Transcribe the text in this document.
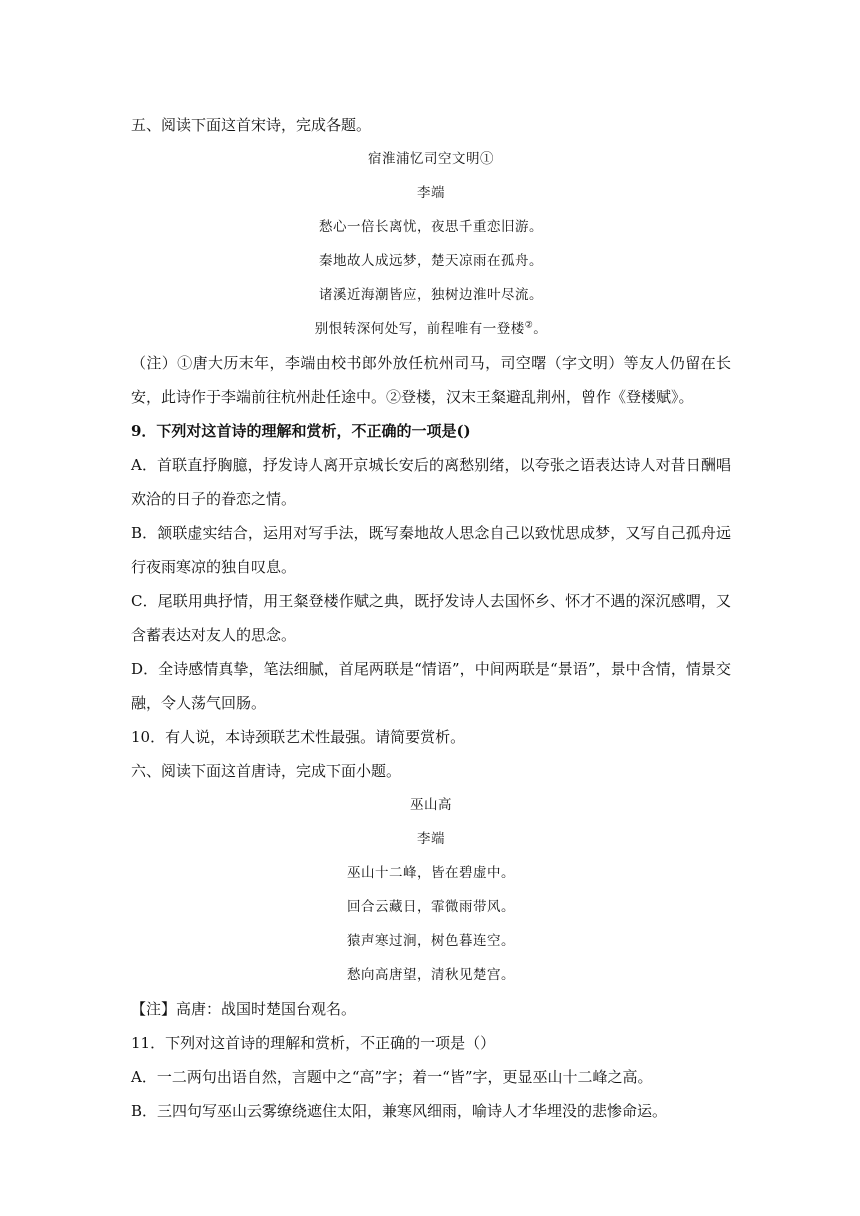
五、阅读下面这首宋诗，完成各题。
宿淮浦忆司空文明①
李端
愁心一倍长离忧，夜思千重恋旧游。
秦地故人成远梦，楚天凉雨在孤舟。
诸溪近海潮皆应，独树边淮叶尽流。
别恨转深何处写，前程唯有一登楼②。
（注）①唐大历末年，李端由校书郎外放任杭州司马，司空曙（字文明）等友人仍留在长安，此诗作于李端前往杭州赴任途中。②登楼，汉末王粲避乱荆州，曾作《登楼赋》。
9．下列对这首诗的理解和赏析，不正确的一项是()
A．首联直抒胸臆，抒发诗人离开京城长安后的离愁别绪，以夸张之语表达诗人对昔日酬唱欢洽的日子的眷恋之情。
B．颔联虚实结合，运用对写手法，既写秦地故人思念自己以致忧思成梦，又写自己孤舟远行夜雨寒凉的独自叹息。
C．尾联用典抒情，用王粲登楼作赋之典，既抒发诗人去国怀乡、怀才不遇的深沉感喟，又含蓄表达对友人的思念。
D．全诗感情真挚，笔法细腻，首尾两联是“情语”，中间两联是“景语”，景中含情，情景交融，令人荡气回肠。
10．有人说，本诗颈联艺术性最强。请简要赏析。
六、阅读下面这首唐诗，完成下面小题。
巫山高
李端
巫山十二峰，皆在碧虚中。
回合云藏日，霏微雨带风。
猿声寒过涧，树色暮连空。
愁向高唐望，清秋见楚宫。
【注】高唐：战国时楚国台观名。
11．下列对这首诗的理解和赏析，不正确的一项是（）
A．一二两句出语自然，言题中之“高”字；着一“皆”字，更显巫山十二峰之高。
B．三四句写巫山云雾缭绕遮住太阳，兼寒风细雨，喻诗人才华埋没的悲惨命运。
